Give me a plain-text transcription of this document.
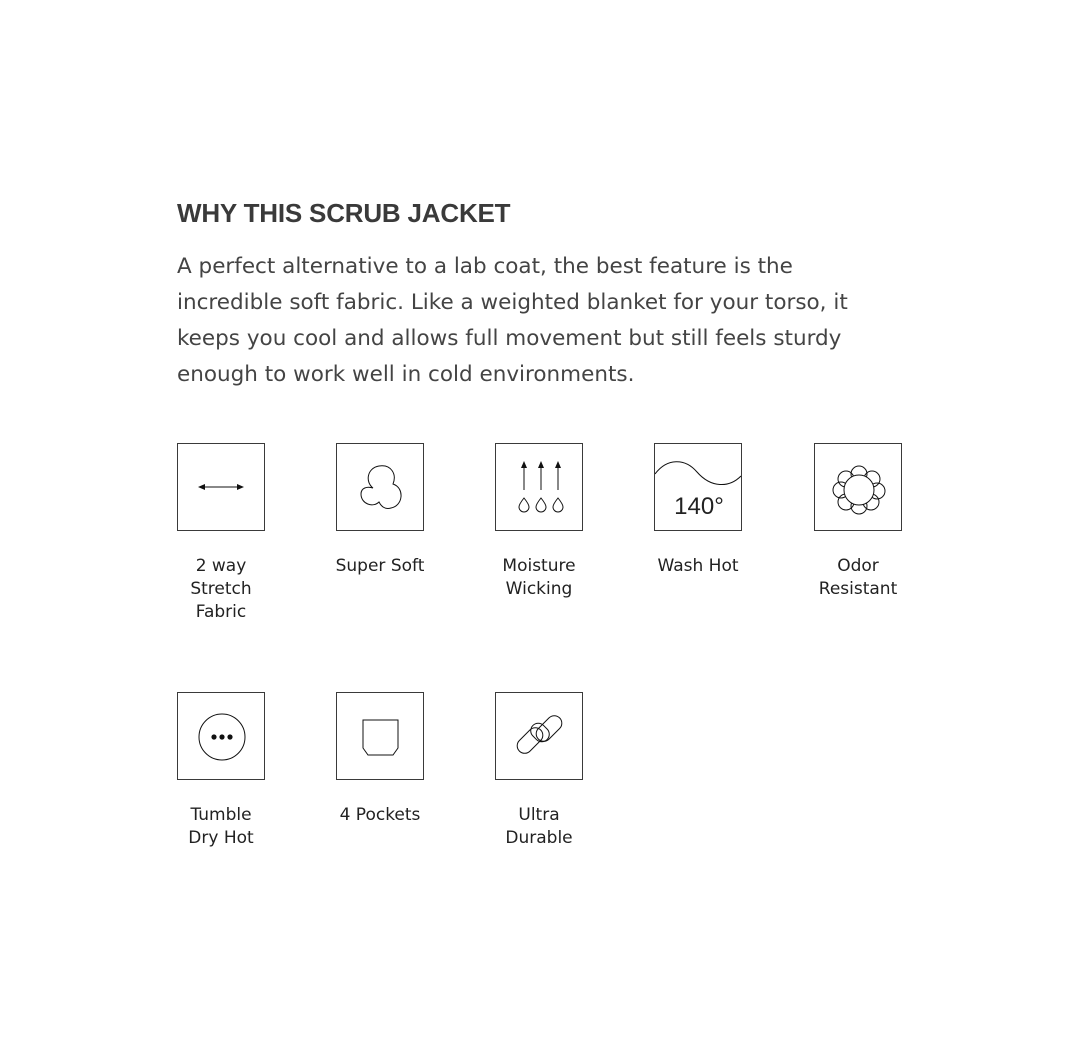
WHY THIS SCRUB JACKET

A perfect alternative to a lab coat, the best feature is the incredible soft fabric. Like a weighted blanket for your torso, it keeps you cool and allows full movement but still feels sturdy enough to work well in cold environments.

2 way
Stretch
Fabric
Super Soft	Moisture
Wicking
140°
Wash Hot	Odor
Resistant
Tumble
Dry Hot
4 Pockets	Ultra
Durable
